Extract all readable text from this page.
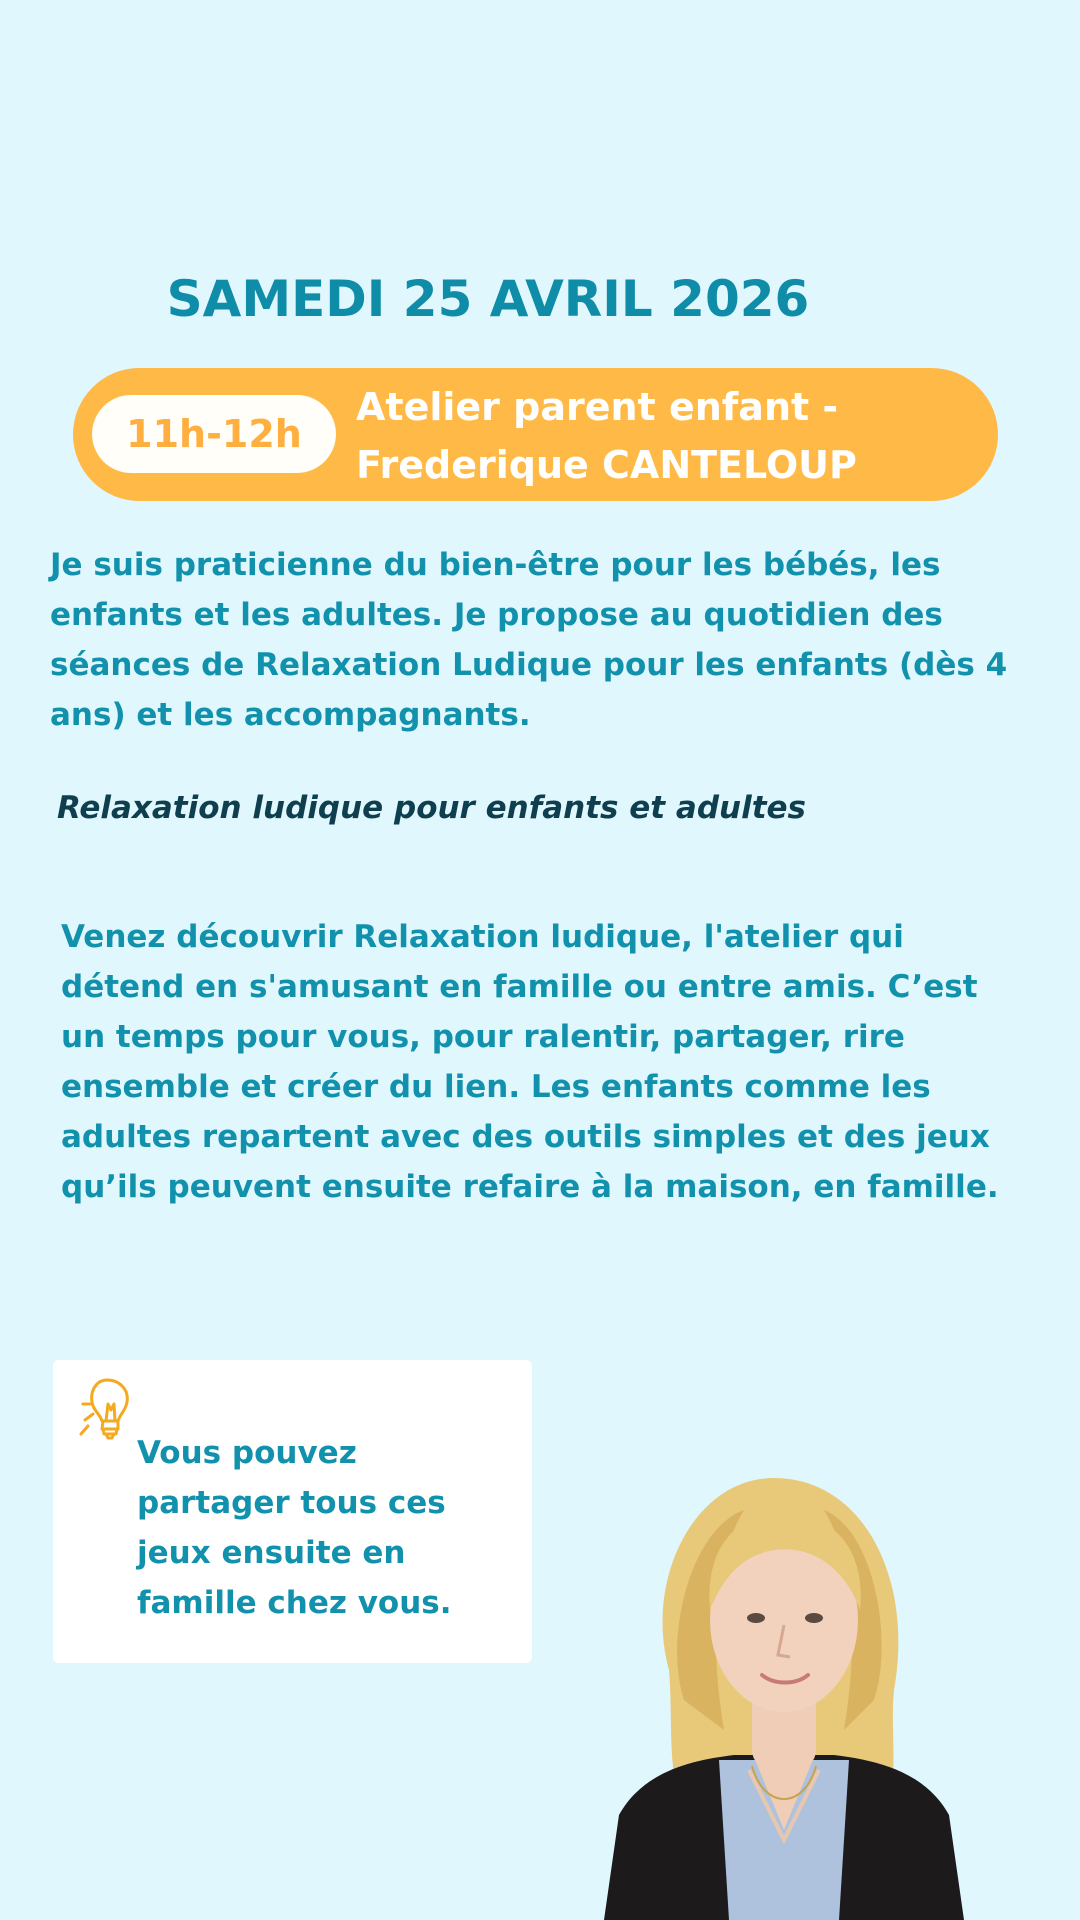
SAMEDI 25 AVRIL 2026
11h-12h
Atelier parent enfant -
Frederique CANTELOUP
Je suis praticienne du bien-être pour les bébés, les enfants et les adultes. Je propose au quotidien des séances de Relaxation Ludique pour les enfants (dès 4 ans) et les accompagnants.
Relaxation ludique pour enfants et adultes
Venez découvrir Relaxation ludique, l'atelier qui détend en s'amusant en famille ou entre amis. C’est un temps pour vous, pour ralentir, partager, rire ensemble et créer du lien. Les enfants comme les adultes repartent avec des outils simples et des jeux qu’ils peuvent ensuite refaire à la maison, en famille.
Vous pouvez partager tous ces jeux ensuite en famille chez vous.
